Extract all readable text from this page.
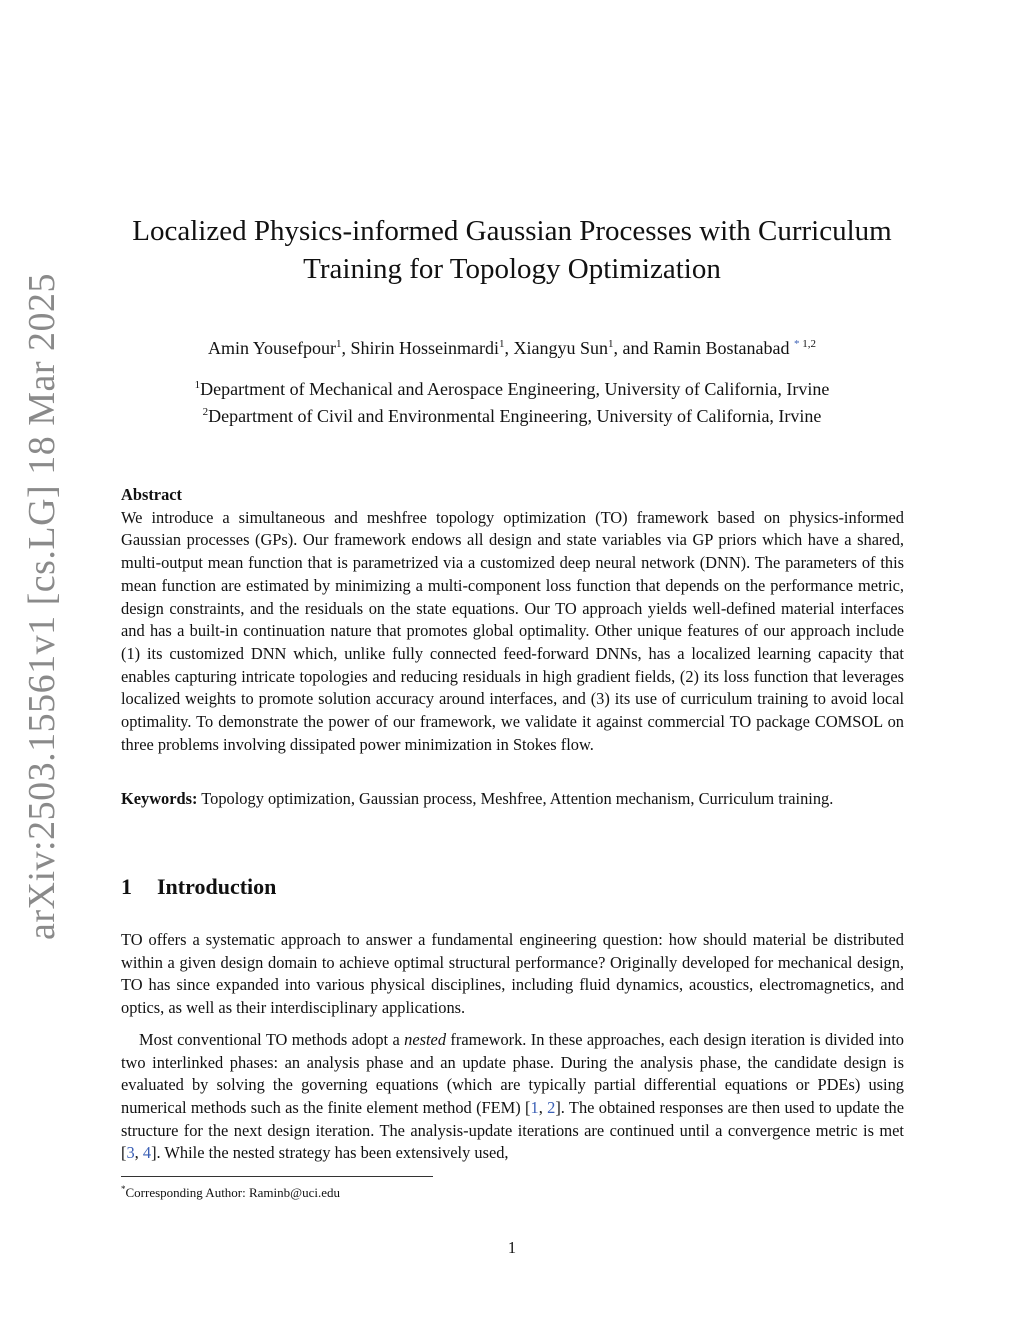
arXiv:2503.15561v1 [cs.LG] 18 Mar 2025
Localized Physics-informed Gaussian Processes with Curriculum
Training for Topology Optimization
Amin Yousefpour$^1$, Shirin Hosseinmardi$^1$, Xiangyu Sun$^1$, and Ramin Bostanabad $^{* 1,2}$
$^1$Department of Mechanical and Aerospace Engineering, University of California, Irvine
$^2$Department of Civil and Environmental Engineering, University of California, Irvine
Abstract

We introduce a simultaneous and meshfree topology optimization (TO) framework based on physics-informed Gaussian processes (GPs). Our framework endows all design and state variables via GP priors which have a shared, multi-output mean function that is parametrized via a customized deep neural network (DNN). The parameters of this mean function are estimated by minimizing a multi-component loss function that depends on the performance metric, design constraints, and the residuals on the state equations. Our TO approach yields well-defined material interfaces and has a built-in continuation nature that promotes global optimality. Other unique features of our approach include (1) its customized DNN which, unlike fully connected feed-forward DNNs, has a localized learning capacity that enables capturing intricate topologies and reducing residuals in high gradient fields, (2) its loss function that leverages localized weights to promote solution accuracy around interfaces, and (3) its use of curriculum training to avoid local optimality. To demonstrate the power of our framework, we validate it against commercial TO package COMSOL on three problems involving dissipated power minimization in Stokes flow.

Keywords: Topology optimization, Gaussian process, Meshfree, Attention mechanism, Curriculum training.
1 Introduction

TO offers a systematic approach to answer a fundamental engineering question: how should material be distributed within a given design domain to achieve optimal structural performance? Originally developed for mechanical design, TO has since expanded into various physical disciplines, including fluid dynamics, acoustics, electromagnetics, and optics, as well as their interdisciplinary applications.

Most conventional TO methods adopt a nested framework. In these approaches, each design iteration is divided into two interlinked phases: an analysis phase and an update phase. During the analysis phase, the candidate design is evaluated by solving the governing equations (which are typically partial differential equations or PDEs) using numerical methods such as the finite element method (FEM) [1, 2]. The obtained responses are then used to update the structure for the next design iteration. The analysis-update iterations are continued until a convergence metric is met [3, 4]. While the nested strategy has been extensively used,

*Corresponding Author: Raminb@uci.edu
1
